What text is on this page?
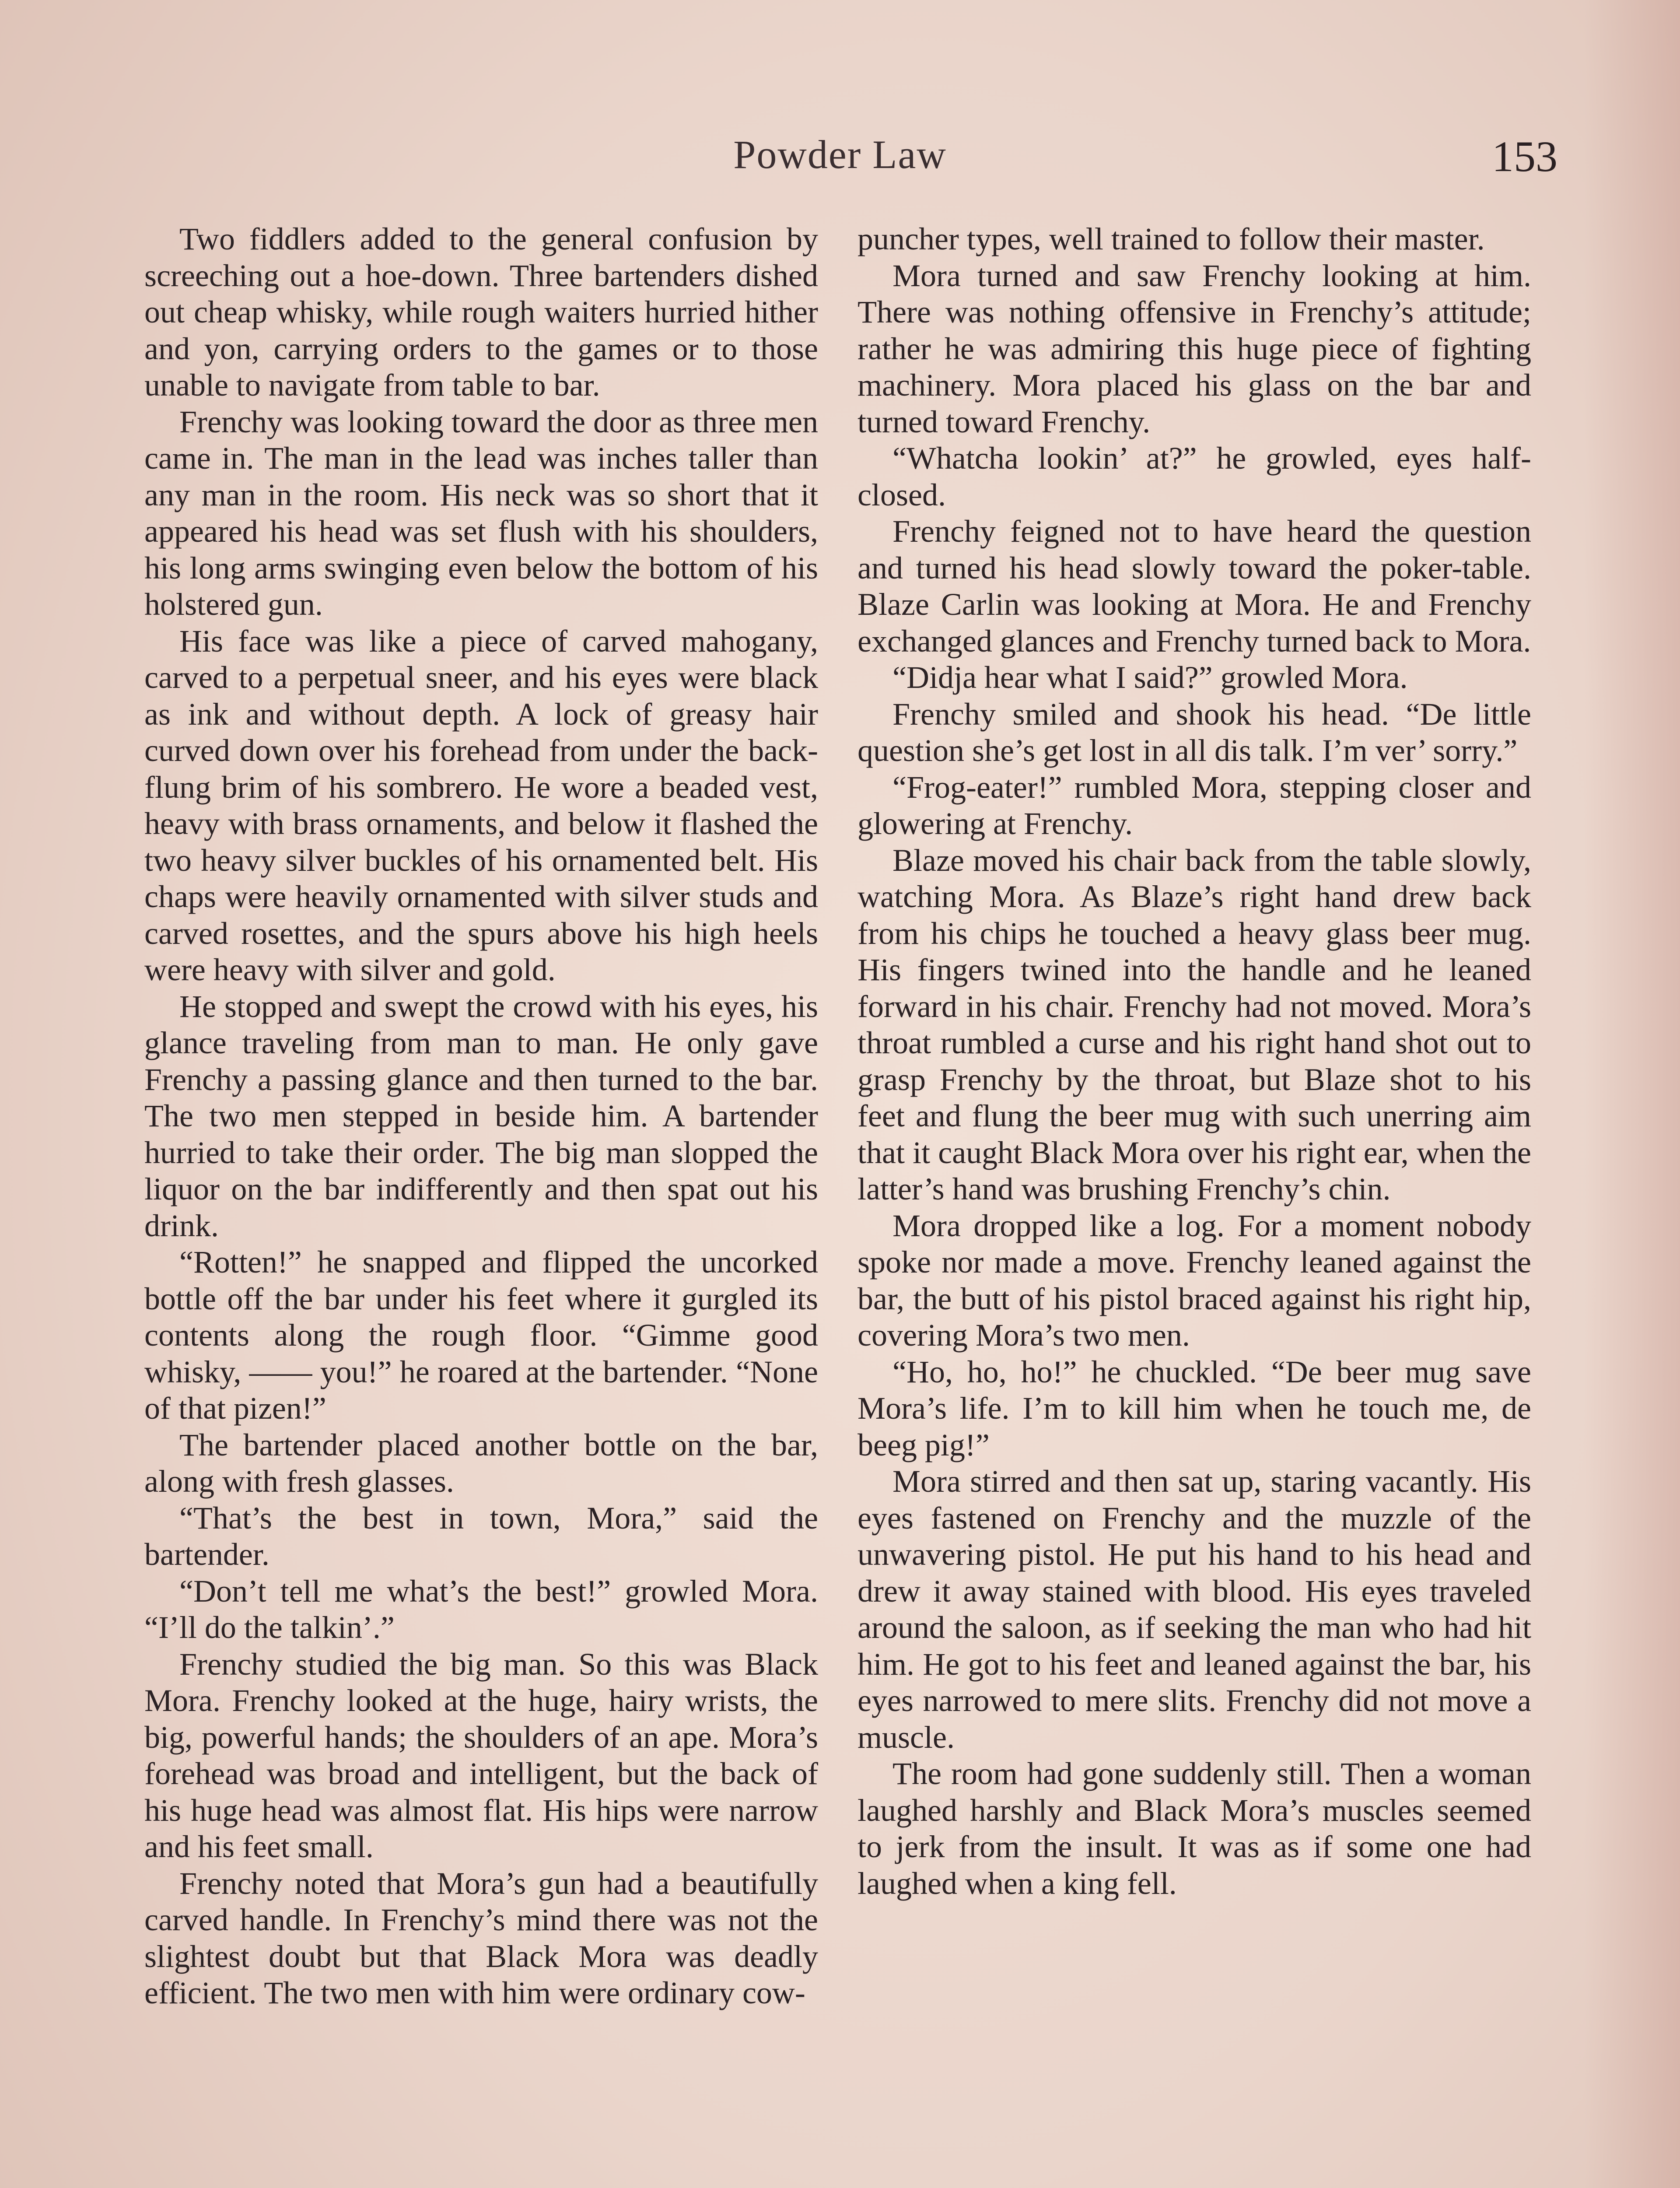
Powder Law	153

Two fiddlers added to the general confusion by screeching out a hoe-down. Three bartenders dished out cheap whisky, while rough waiters hurried hither and yon, carrying orders to the games or to those unable to navigate from table to bar.

Frenchy was looking toward the door as three men came in. The man in the lead was inches taller than any man in the room. His neck was so short that it appeared his head was set flush with his shoulders, his long arms swinging even below the bottom of his holstered gun.

His face was like a piece of carved mahogany, carved to a perpetual sneer, and his eyes were black as ink and without depth. A lock of greasy hair curved down over his forehead from under the back-flung brim of his sombrero. He wore a beaded vest, heavy with brass ornaments, and below it flashed the two heavy silver buckles of his ornamented belt. His chaps were heavily ornamented with silver studs and carved rosettes, and the spurs above his high heels were heavy with silver and gold.

He stopped and swept the crowd with his eyes, his glance traveling from man to man. He only gave Frenchy a passing glance and then turned to the bar. The two men stepped in beside him. A bartender hurried to take their order. The big man slopped the liquor on the bar indifferently and then spat out his drink.

“Rotten!” he snapped and flipped the uncorked bottle off the bar under his feet where it gurgled its contents along the rough floor. “Gimme good whisky, —— you!” he roared at the bartender. “None of that pizen!”

The bartender placed another bottle on the bar, along with fresh glasses.

“That’s the best in town, Mora,” said the bartender.

“Don’t tell me what’s the best!” growled Mora. “I’ll do the talkin’.”

Frenchy studied the big man. So this was Black Mora. Frenchy looked at the huge, hairy wrists, the big, powerful hands; the shoulders of an ape. Mora’s forehead was broad and intelligent, but the back of his huge head was almost flat. His hips were narrow and his feet small.

Frenchy noted that Mora’s gun had a beautifully carved handle. In Frenchy’s mind there was not the slightest doubt but that Black Mora was deadly efficient. The two men with him were ordinary cow-

puncher types, well trained to follow their master.

Mora turned and saw Frenchy looking at him. There was nothing offensive in Frenchy’s attitude; rather he was admiring this huge piece of fighting machinery. Mora placed his glass on the bar and turned toward Frenchy.

“Whatcha lookin’ at?” he growled, eyes half-closed.

Frenchy feigned not to have heard the question and turned his head slowly toward the poker-table. Blaze Carlin was looking at Mora. He and Frenchy exchanged glances and Frenchy turned back to Mora.

“Didja hear what I said?” growled Mora.

Frenchy smiled and shook his head. “De little question she’s get lost in all dis talk. I’m ver’ sorry.”

“Frog-eater!” rumbled Mora, stepping closer and glowering at Frenchy.

Blaze moved his chair back from the table slowly, watching Mora. As Blaze’s right hand drew back from his chips he touched a heavy glass beer mug. His fingers twined into the handle and he leaned forward in his chair. Frenchy had not moved. Mora’s throat rumbled a curse and his right hand shot out to grasp Frenchy by the throat, but Blaze shot to his feet and flung the beer mug with such unerring aim that it caught Black Mora over his right ear, when the latter’s hand was brushing Frenchy’s chin.

Mora dropped like a log. For a moment nobody spoke nor made a move. Frenchy leaned against the bar, the butt of his pistol braced against his right hip, covering Mora’s two men.

“Ho, ho, ho!” he chuckled. “De beer mug save Mora’s life. I’m to kill him when he touch me, de beeg pig!”

Mora stirred and then sat up, staring vacantly. His eyes fastened on Frenchy and the muzzle of the unwavering pistol. He put his hand to his head and drew it away stained with blood. His eyes traveled around the saloon, as if seeking the man who had hit him. He got to his feet and leaned against the bar, his eyes narrowed to mere slits. Frenchy did not move a muscle.

The room had gone suddenly still. Then a woman laughed harshly and Black Mora’s muscles seemed to jerk from the insult. It was as if some one had laughed when a king fell.
